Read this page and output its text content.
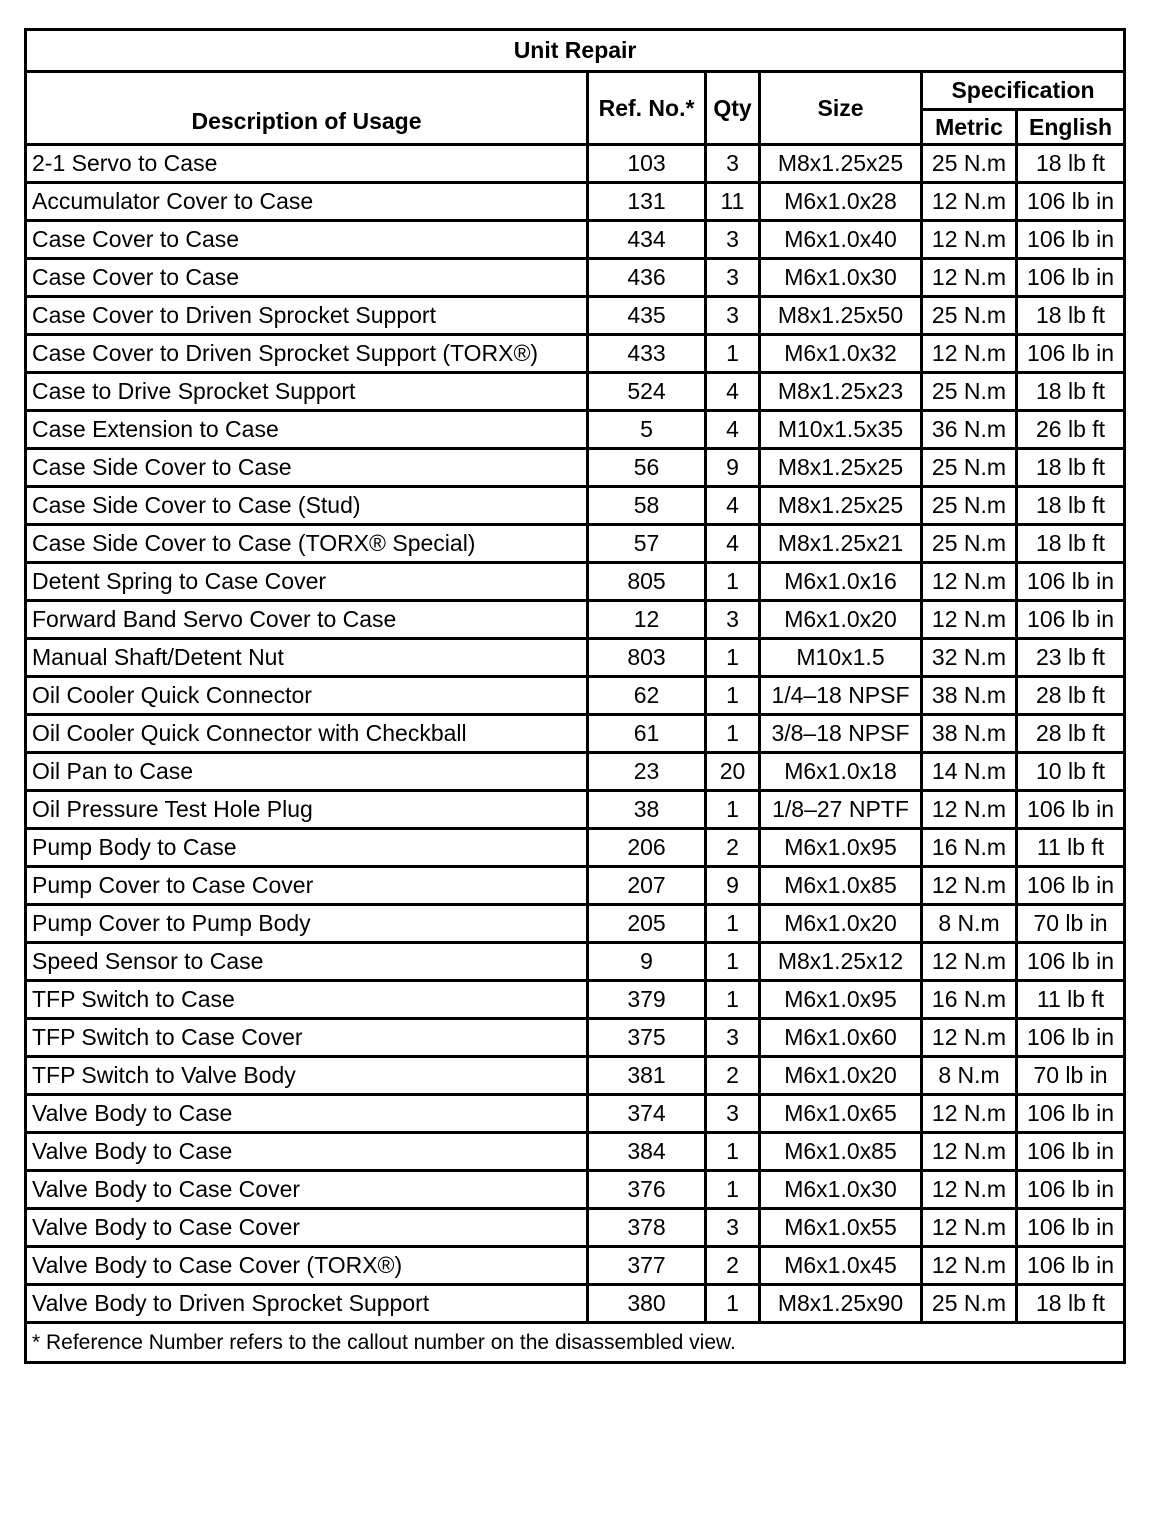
Unit Repair					
Description of Usage	Ref. No.*	Qty	Size	Specification	
				Metric	English
2-1 Servo to Case	103	3	M8x1.25x25	25 N.m	18 lb ft
Accumulator Cover to Case	131	11	M6x1.0x28	12 N.m	106 lb in
Case Cover to Case	434	3	M6x1.0x40	12 N.m	106 lb in
Case Cover to Case	436	3	M6x1.0x30	12 N.m	106 lb in
Case Cover to Driven Sprocket Support	435	3	M8x1.25x50	25 N.m	18 lb ft
Case Cover to Driven Sprocket Support (TORX®)	433	1	M6x1.0x32	12 N.m	106 lb in
Case to Drive Sprocket Support	524	4	M8x1.25x23	25 N.m	18 lb ft
Case Extension to Case	5	4	M10x1.5x35	36 N.m	26 lb ft
Case Side Cover to Case	56	9	M8x1.25x25	25 N.m	18 lb ft
Case Side Cover to Case (Stud)	58	4	M8x1.25x25	25 N.m	18 lb ft
Case Side Cover to Case (TORX® Special)	57	4	M8x1.25x21	25 N.m	18 lb ft
Detent Spring to Case Cover	805	1	M6x1.0x16	12 N.m	106 lb in
Forward Band Servo Cover to Case	12	3	M6x1.0x20	12 N.m	106 lb in
Manual Shaft/Detent Nut	803	1	M10x1.5	32 N.m	23 lb ft
Oil Cooler Quick Connector	62	1	1/4–18 NPSF	38 N.m	28 lb ft
Oil Cooler Quick Connector with Checkball	61	1	3/8–18 NPSF	38 N.m	28 lb ft
Oil Pan to Case	23	20	M6x1.0x18	14 N.m	10 lb ft
Oil Pressure Test Hole Plug	38	1	1/8–27 NPTF	12 N.m	106 lb in
Pump Body to Case	206	2	M6x1.0x95	16 N.m	11 lb ft
Pump Cover to Case Cover	207	9	M6x1.0x85	12 N.m	106 lb in
Pump Cover to Pump Body	205	1	M6x1.0x20	8 N.m	70 lb in
Speed Sensor to Case	9	1	M8x1.25x12	12 N.m	106 lb in
TFP Switch to Case	379	1	M6x1.0x95	16 N.m	11 lb ft
TFP Switch to Case Cover	375	3	M6x1.0x60	12 N.m	106 lb in
TFP Switch to Valve Body	381	2	M6x1.0x20	8 N.m	70 lb in
Valve Body to Case	374	3	M6x1.0x65	12 N.m	106 lb in
Valve Body to Case	384	1	M6x1.0x85	12 N.m	106 lb in
Valve Body to Case Cover	376	1	M6x1.0x30	12 N.m	106 lb in
Valve Body to Case Cover	378	3	M6x1.0x55	12 N.m	106 lb in
Valve Body to Case Cover (TORX®)	377	2	M6x1.0x45	12 N.m	106 lb in
Valve Body to Driven Sprocket Support	380	1	M8x1.25x90	25 N.m	18 lb ft
* Reference Number refers to the callout number on the disassembled view.					
